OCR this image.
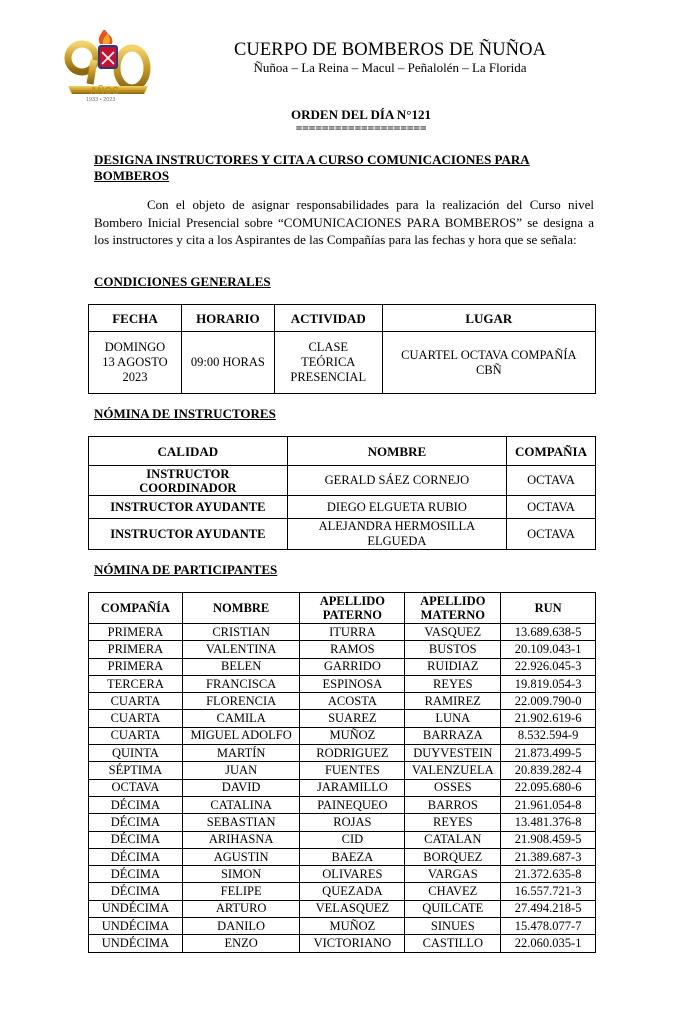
AÑOS
1933 • 2023
CUERPO DE BOMBEROS DE ÑUÑOA
Ñuñoa – La Reina – Macul – Peñalolén – La Florida
ORDEN DEL DÍA N°121
====================
DESIGNA INSTRUCTORES Y CITA A CURSO COMUNICACIONES PARA BOMBEROS
Con el objeto de asignar responsabilidades para la realización del Curso nivel Bombero Inicial Presencial sobre “COMUNICACIONES PARA BOMBEROS” se designa a los instructores y cita a los Aspirantes de las Compañías para las fechas y hora que se señala:
CONDICIONES GENERALES
FECHA	HORARIO	ACTIVIDAD	LUGAR
DOMINGO 13 AGOSTO 2023	09:00 HORAS	CLASE TEÓRICA PRESENCIAL	CUARTEL OCTAVA COMPAÑÍA CBÑ
NÓMINA DE INSTRUCTORES
CALIDAD	NOMBRE	COMPAÑIA
INSTRUCTOR COORDINADOR	GERALD SÁEZ CORNEJO	OCTAVA
INSTRUCTOR AYUDANTE	DIEGO ELGUETA RUBIO	OCTAVA
INSTRUCTOR AYUDANTE	ALEJANDRA HERMOSILLA ELGUEDA	OCTAVA
NÓMINA DE PARTICIPANTES
COMPAÑÍA	NOMBRE	APELLIDO PATERNO	APELLIDO MATERNO	RUN
PRIMERA	CRISTIAN	ITURRA	VASQUEZ	13.689.638-5
PRIMERA	VALENTINA	RAMOS	BUSTOS	20.109.043-1
PRIMERA	BELEN	GARRIDO	RUIDIAZ	22.926.045-3
TERCERA	FRANCISCA	ESPINOSA	REYES	19.819.054-3
CUARTA	FLORENCIA	ACOSTA	RAMIREZ	22.009.790-0
CUARTA	CAMILA	SUAREZ	LUNA	21.902.619-6
CUARTA	MIGUEL ADOLFO	MUÑOZ	BARRAZA	8.532.594-9
QUINTA	MARTÍN	RODRIGUEZ	DUYVESTEIN	21.873.499-5
SÉPTIMA	JUAN	FUENTES	VALENZUELA	20.839.282-4
OCTAVA	DAVID	JARAMILLO	OSSES	22.095.680-6
DÉCIMA	CATALINA	PAINEQUEO	BARROS	21.961.054-8
DÉCIMA	SEBASTIAN	ROJAS	REYES	13.481.376-8
DÉCIMA	ARIHASNA	CID	CATALAN	21.908.459-5
DÉCIMA	AGUSTIN	BAEZA	BORQUEZ	21.389.687-3
DÉCIMA	SIMON	OLIVARES	VARGAS	21.372.635-8
DÉCIMA	FELIPE	QUEZADA	CHAVEZ	16.557.721-3
UNDÉCIMA	ARTURO	VELASQUEZ	QUILCATE	27.494.218-5
UNDÉCIMA	DANILO	MUÑOZ	SINUES	15.478.077-7
UNDÉCIMA	ENZO	VICTORIANO	CASTILLO	22.060.035-1
